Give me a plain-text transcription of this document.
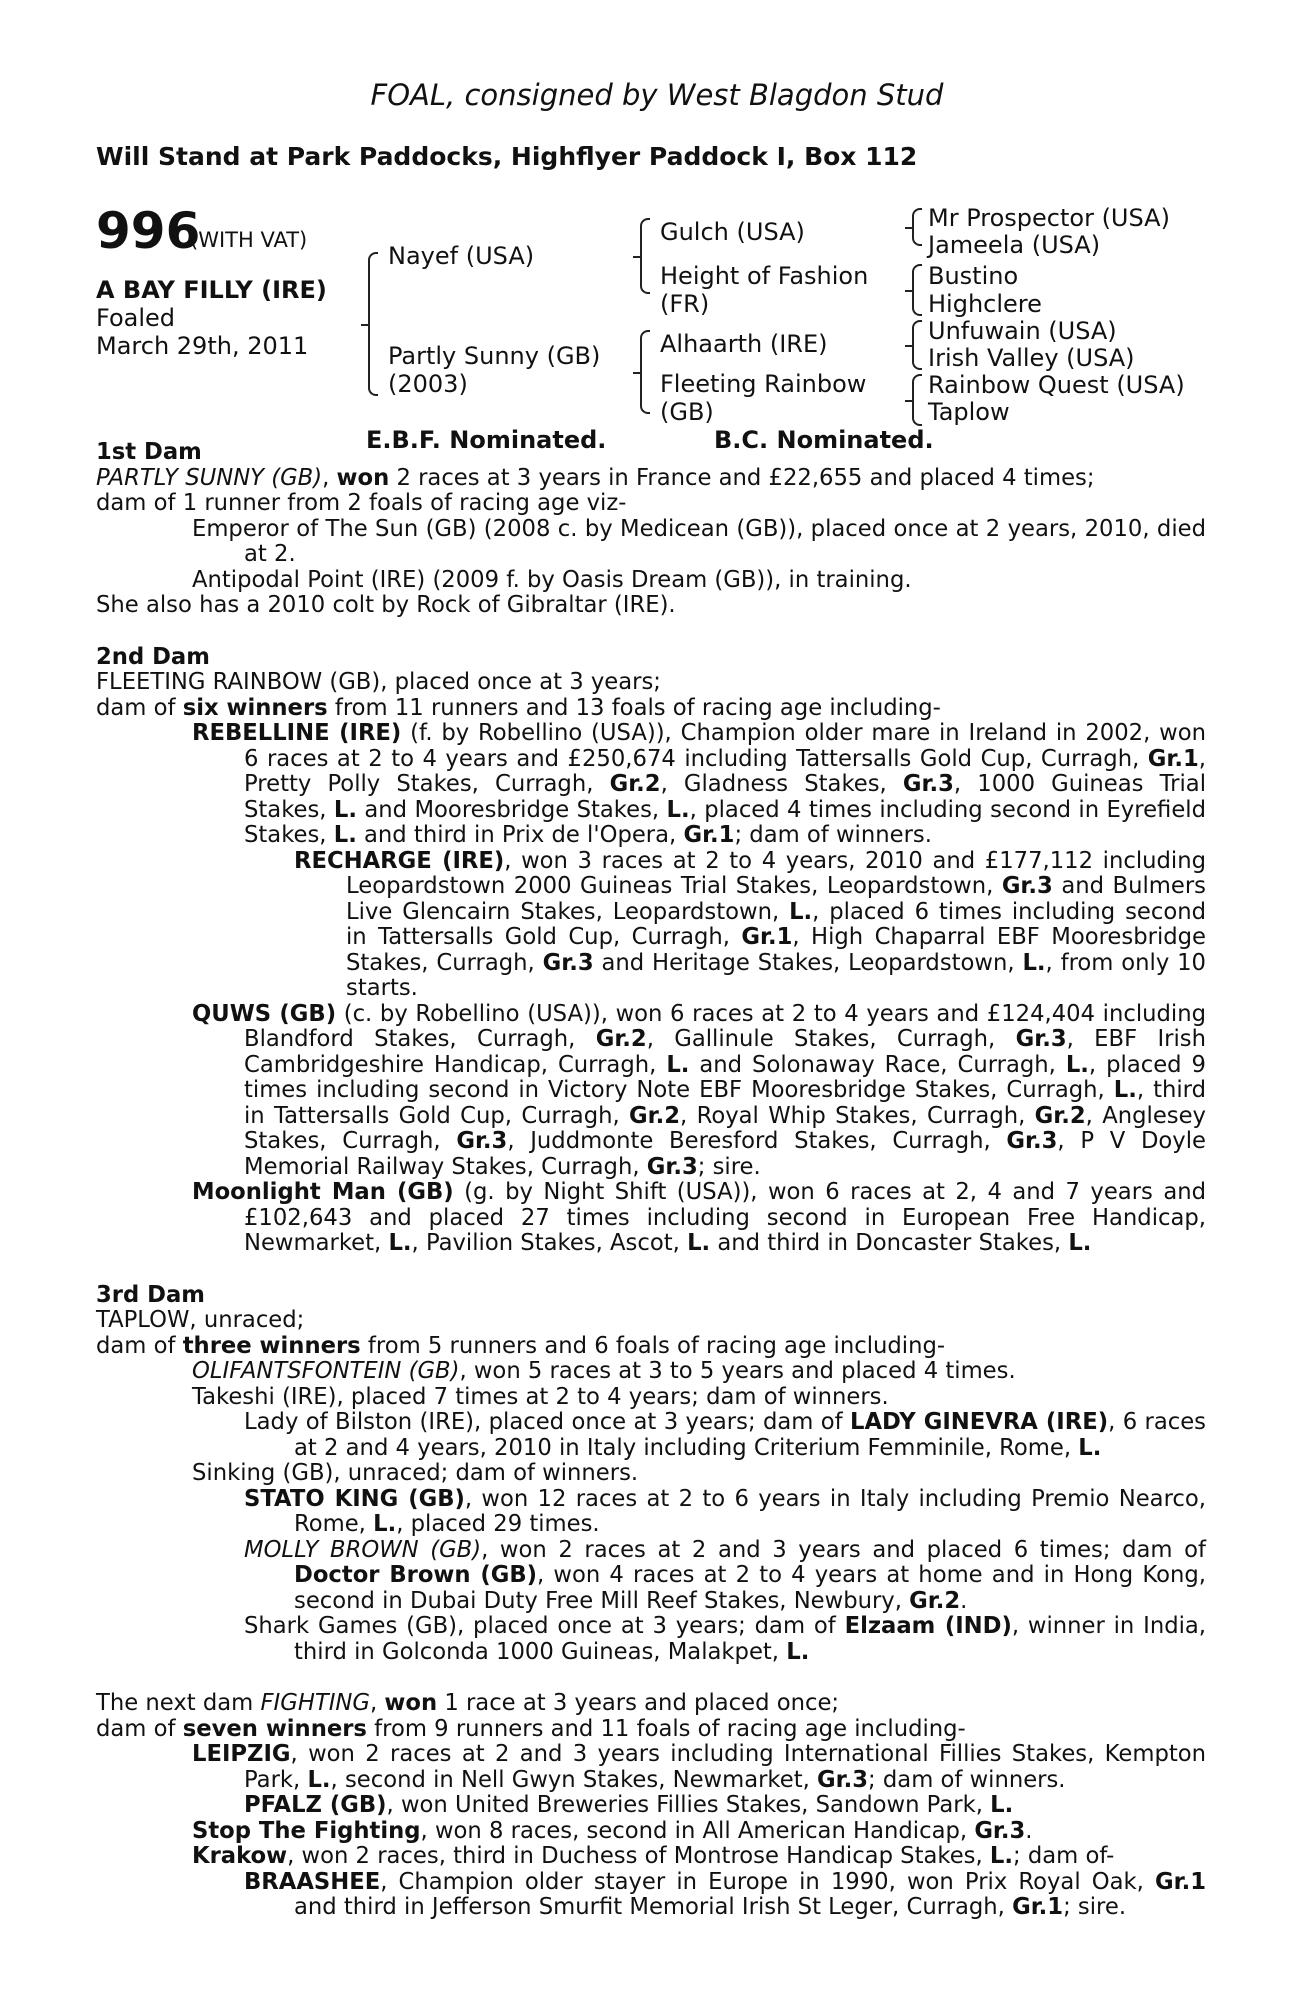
FOAL, consigned by West Blagdon Stud
Will Stand at Park Paddocks, Highflyer Paddock I, Box 112
996
(WITH VAT)
A BAY FILLY (IRE)
Foaled
March 29th, 2011
Nayef (USA)
Partly Sunny (GB)
(2003)
Gulch (USA)
Height of Fashion
(FR)
Alhaarth (IRE)
Fleeting Rainbow
(GB)
Mr Prospector (USA)
Jameela (USA)
Bustino
Highclere
Unfuwain (USA)
Irish Valley (USA)
Rainbow Quest (USA)
Taplow
E.B.F. Nominated.	B.C. Nominated.

1st Dam

PARTLY SUNNY (GB), won 2 races at 3 years in France and £22,655 and placed 4 times;

dam of 1 runner from 2 foals of racing age viz-

Emperor of The Sun (GB) (2008 c. by Medicean (GB)), placed once at 2 years, 2010, died at 2.

Antipodal Point (IRE) (2009 f. by Oasis Dream (GB)), in training.

She also has a 2010 colt by Rock of Gibraltar (IRE).

2nd Dam

FLEETING RAINBOW (GB), placed once at 3 years;

dam of six winners from 11 runners and 13 foals of racing age including-

REBELLINE (IRE) (f. by Robellino (USA)), Champion older mare in Ireland in 2002, won 6 races at 2 to 4 years and £250,674 including Tattersalls Gold Cup, Curragh, Gr.1, Pretty Polly Stakes, Curragh, Gr.2, Gladness Stakes, Gr.3, 1000 Guineas Trial Stakes, L. and Mooresbridge Stakes, L., placed 4 times including second in Eyrefield Stakes, L. and third in Prix de l'Opera, Gr.1; dam of winners.

RECHARGE (IRE), won 3 races at 2 to 4 years, 2010 and £177,112 including Leopardstown 2000 Guineas Trial Stakes, Leopardstown, Gr.3 and Bulmers Live Glencairn Stakes, Leopardstown, L., placed 6 times including second in Tattersalls Gold Cup, Curragh, Gr.1, High Chaparral EBF Mooresbridge Stakes, Curragh, Gr.3 and Heritage Stakes, Leopardstown, L., from only 10 starts.

QUWS (GB) (c. by Robellino (USA)), won 6 races at 2 to 4 years and £124,404 including Blandford Stakes, Curragh, Gr.2, Gallinule Stakes, Curragh, Gr.3, EBF Irish Cambridgeshire Handicap, Curragh, L. and Solonaway Race, Curragh, L., placed 9 times including second in Victory Note EBF Mooresbridge Stakes, Curragh, L., third in Tattersalls Gold Cup, Curragh, Gr.2, Royal Whip Stakes, Curragh, Gr.2, Anglesey Stakes, Curragh, Gr.3, Juddmonte Beresford Stakes, Curragh, Gr.3, P V Doyle Memorial Railway Stakes, Curragh, Gr.3; sire.

Moonlight Man (GB) (g. by Night Shift (USA)), won 6 races at 2, 4 and 7 years and £102,643 and placed 27 times including second in European Free Handicap, Newmarket, L., Pavilion Stakes, Ascot, L. and third in Doncaster Stakes, L.

3rd Dam

TAPLOW, unraced;

dam of three winners from 5 runners and 6 foals of racing age including-

OLIFANTSFONTEIN (GB), won 5 races at 3 to 5 years and placed 4 times.

Takeshi (IRE), placed 7 times at 2 to 4 years; dam of winners.

Lady of Bilston (IRE), placed once at 3 years; dam of LADY GINEVRA (IRE), 6 races at 2 and 4 years, 2010 in Italy including Criterium Femminile, Rome, L.

Sinking (GB), unraced; dam of winners.

STATO KING (GB), won 12 races at 2 to 6 years in Italy including Premio Nearco, Rome, L., placed 29 times.

MOLLY BROWN (GB), won 2 races at 2 and 3 years and placed 6 times; dam of Doctor Brown (GB), won 4 races at 2 to 4 years at home and in Hong Kong, second in Dubai Duty Free Mill Reef Stakes, Newbury, Gr.2.

Shark Games (GB), placed once at 3 years; dam of Elzaam (IND), winner in India, third in Golconda 1000 Guineas, Malakpet, L.

The next dam FIGHTING, won 1 race at 3 years and placed once;

dam of seven winners from 9 runners and 11 foals of racing age including-

LEIPZIG, won 2 races at 2 and 3 years including International Fillies Stakes, Kempton Park, L., second in Nell Gwyn Stakes, Newmarket, Gr.3; dam of winners.

PFALZ (GB), won United Breweries Fillies Stakes, Sandown Park, L.

Stop The Fighting, won 8 races, second in All American Handicap, Gr.3.

Krakow, won 2 races, third in Duchess of Montrose Handicap Stakes, L.; dam of-

BRAASHEE, Champion older stayer in Europe in 1990, won Prix Royal Oak, Gr.1 and third in Jefferson Smurfit Memorial Irish St Leger, Curragh, Gr.1; sire.
